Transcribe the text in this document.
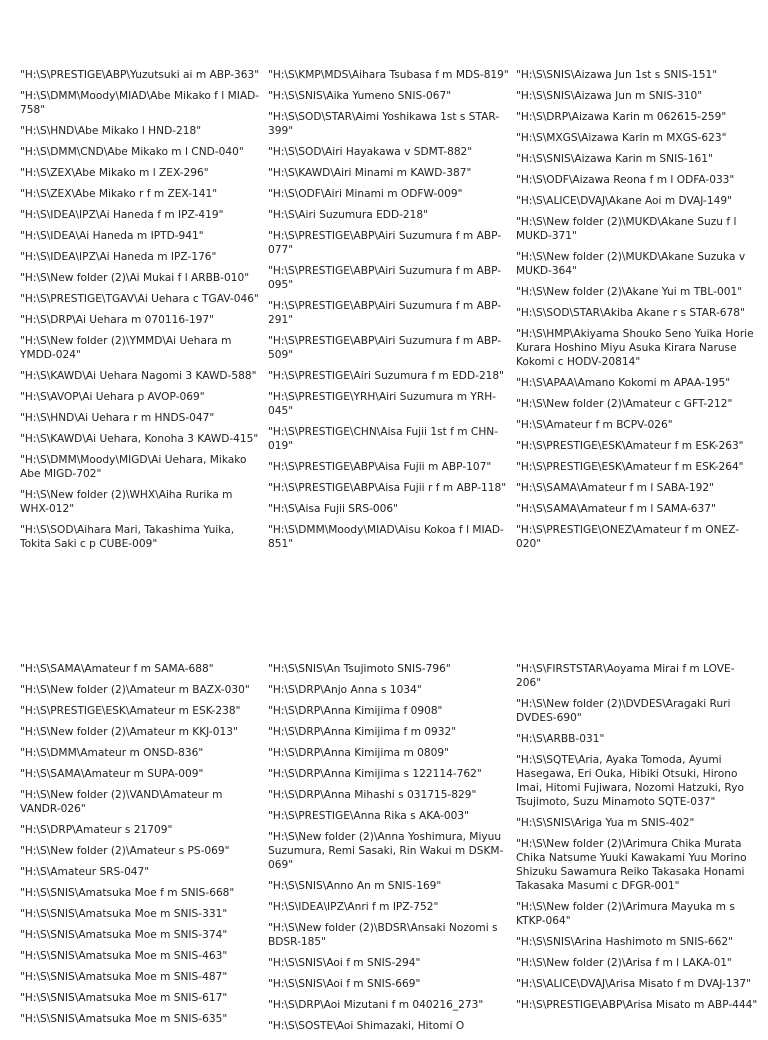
"H:\S\PRESTIGE\ABP\Yuzutsuki ai m ABP-363"
"H:\S\DMM\Moody\MIAD\Abe Mikako f l MIAD-758"
"H:\S\HND\Abe Mikako l HND-218"
"H:\S\DMM\CND\Abe Mikako m l CND-040"
"H:\S\ZEX\Abe Mikako m l ZEX-296"
"H:\S\ZEX\Abe Mikako r f m ZEX-141"
"H:\S\IDEA\IPZ\Ai Haneda f m IPZ-419"
"H:\S\IDEA\Ai Haneda m IPTD-941"
"H:\S\IDEA\IPZ\Ai Haneda m IPZ-176"
"H:\S\New folder (2)\Ai Mukai f l ARBB-010"
"H:\S\PRESTIGE\TGAV\Ai Uehara c TGAV-046"
"H:\S\DRP\Ai Uehara m 070116-197"
"H:\S\New folder (2)\YMMD\Ai Uehara m YMDD-024"
"H:\S\KAWD\Ai Uehara Nagomi 3 KAWD-588"
"H:\S\AVOP\Ai Uehara p AVOP-069"
"H:\S\HND\Ai Uehara r m HNDS-047"
"H:\S\KAWD\Ai Uehara, Konoha 3 KAWD-415"
"H:\S\DMM\Moody\MIGD\Ai Uehara, Mikako Abe MIGD-702"
"H:\S\New folder (2)\WHX\Aiha Rurika m WHX-012"
"H:\S\SOD\Aihara Mari, Takashima Yuika, Tokita Saki c p CUBE-009"
"H:\S\KMP\MDS\Aihara Tsubasa f m MDS-819"
"H:\S\SNIS\Aika Yumeno SNIS-067"
"H:\S\SOD\STAR\Aimi Yoshikawa 1st s STAR-399"
"H:\S\SOD\Airi Hayakawa v SDMT-882"
"H:\S\KAWD\Airi Minami m KAWD-387"
"H:\S\ODF\Airi Minami m ODFW-009"
"H:\S\Airi Suzumura EDD-218"
"H:\S\PRESTIGE\ABP\Airi Suzumura f m ABP-077"
"H:\S\PRESTIGE\ABP\Airi Suzumura f m ABP-095"
"H:\S\PRESTIGE\ABP\Airi Suzumura f m ABP-291"
"H:\S\PRESTIGE\ABP\Airi Suzumura f m ABP-509"
"H:\S\PRESTIGE\Airi Suzumura f m EDD-218"
"H:\S\PRESTIGE\YRH\Airi Suzumura m YRH-045"
"H:\S\PRESTIGE\CHN\Aisa Fujii 1st f m CHN-019"
"H:\S\PRESTIGE\ABP\Aisa Fujii m ABP-107"
"H:\S\PRESTIGE\ABP\Aisa Fujii r f m ABP-118"
"H:\S\Aisa Fujii SRS-006"
"H:\S\DMM\Moody\MIAD\Aisu Kokoa f l MIAD-851"
"H:\S\SNIS\Aizawa Jun 1st s SNIS-151"
"H:\S\SNIS\Aizawa Jun m SNIS-310"
"H:\S\DRP\Aizawa Karin m 062615-259"
"H:\S\MXGS\Aizawa Karin m MXGS-623"
"H:\S\SNIS\Aizawa Karin m SNIS-161"
"H:\S\ODF\Aizawa Reona f m l ODFA-033"
"H:\S\ALICE\DVAJ\Akane Aoi m DVAJ-149"
"H:\S\New folder (2)\MUKD\Akane Suzu f l MUKD-371"
"H:\S\New folder (2)\MUKD\Akane Suzuka v MUKD-364"
"H:\S\New folder (2)\Akane Yui m TBL-001"
"H:\S\SOD\STAR\Akiba Akane r s STAR-678"
"H:\S\HMP\Akiyama Shouko Seno Yuika Horie Kurara Hoshino Miyu Asuka Kirara Naruse Kokomi c HODV-20814"
"H:\S\APAA\Amano Kokomi m APAA-195"
"H:\S\New folder (2)\Amateur c GFT-212"
"H:\S\Amateur f m BCPV-026"
"H:\S\PRESTIGE\ESK\Amateur f m ESK-263"
"H:\S\PRESTIGE\ESK\Amateur f m ESK-264"
"H:\S\SAMA\Amateur f m l SABA-192"
"H:\S\SAMA\Amateur f m l SAMA-637"
"H:\S\PRESTIGE\ONEZ\Amateur f m ONEZ-020"
"H:\S\SAMA\Amateur f m SAMA-688"
"H:\S\New folder (2)\Amateur m BAZX-030"
"H:\S\PRESTIGE\ESK\Amateur m ESK-238"
"H:\S\New folder (2)\Amateur m KKJ-013"
"H:\S\DMM\Amateur m ONSD-836"
"H:\S\SAMA\Amateur m SUPA-009"
"H:\S\New folder (2)\VAND\Amateur m VANDR-026"
"H:\S\DRP\Amateur s 21709"
"H:\S\New folder (2)\Amateur s PS-069"
"H:\S\Amateur SRS-047"
"H:\S\SNIS\Amatsuka Moe f m SNIS-668"
"H:\S\SNIS\Amatsuka Moe m SNIS-331"
"H:\S\SNIS\Amatsuka Moe m SNIS-374"
"H:\S\SNIS\Amatsuka Moe m SNIS-463"
"H:\S\SNIS\Amatsuka Moe m SNIS-487"
"H:\S\SNIS\Amatsuka Moe m SNIS-617"
"H:\S\SNIS\Amatsuka Moe m SNIS-635"
"H:\S\SNIS\An Tsujimoto SNIS-796"
"H:\S\DRP\Anjo Anna s 1034"
"H:\S\DRP\Anna Kimijima f 0908"
"H:\S\DRP\Anna Kimijima f m 0932"
"H:\S\DRP\Anna Kimijima m 0809"
"H:\S\DRP\Anna Kimijima s 122114-762"
"H:\S\DRP\Anna Mihashi s 031715-829"
"H:\S\PRESTIGE\Anna Rika s AKA-003"
"H:\S\New folder (2)\Anna Yoshimura, Miyuu Suzumura, Remi Sasaki, Rin Wakui m DSKM-069"
"H:\S\SNIS\Anno An m SNIS-169"
"H:\S\IDEA\IPZ\Anri f m IPZ-752"
"H:\S\New folder (2)\BDSR\Ansaki Nozomi s BDSR-185"
"H:\S\SNIS\Aoi f m SNIS-294"
"H:\S\SNIS\Aoi f m SNIS-669"
"H:\S\DRP\Aoi Mizutani f m 040216_273"
"H:\S\SOSTE\Aoi Shimazaki, Hitomi O
"H:\S\FIRSTSTAR\Aoyama Mirai f m LOVE-206"
"H:\S\New folder (2)\DVDES\Aragaki Ruri DVDES-690"
"H:\S\ARBB-031"
"H:\S\SQTE\Aria, Ayaka Tomoda, Ayumi Hasegawa, Eri Ouka, Hibiki Otsuki, Hirono Imai, Hitomi Fujiwara, Nozomi Hatzuki, Ryo Tsujimoto, Suzu Minamoto SQTE-037"
"H:\S\SNIS\Ariga Yua m SNIS-402"
"H:\S\New folder (2)\Arimura Chika Murata Chika Natsume Yuuki Kawakami Yuu Morino Shizuku Sawamura Reiko Takasaka Honami Takasaka Masumi c DFGR-001"
"H:\S\New folder (2)\Arimura Mayuka m s KTKP-064"
"H:\S\SNIS\Arina Hashimoto m SNIS-662"
"H:\S\New folder (2)\Arisa f m l LAKA-01"
"H:\S\ALICE\DVAJ\Arisa Misato f m DVAJ-137"
"H:\S\PRESTIGE\ABP\Arisa Misato m ABP-444"
